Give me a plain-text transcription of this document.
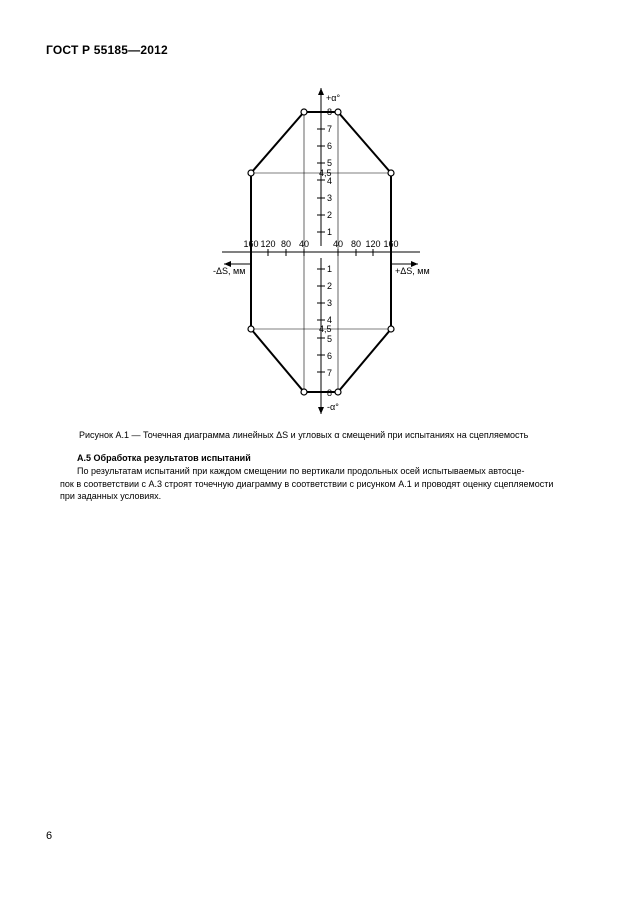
ГОСТ Р 55185—2012
8
7
6
5
4,5
4
3
2
1
1
2
3
4
4,5
5
6
7
8
160 120 80 40	40 80 120 160
+α°
-α°
-ΔS, мм	+ΔS, мм
Рисунок А.1 — Точечная диаграмма линейных ΔS и угловых α смещений при испытаниях на сцепляемость
А.5 Обработка результатов испытаний

По результатам испытаний при каждом смещении по вертикали продольных осей испытываемых автосце-

пок в соответствии с А.3 строят точечную диаграмму в соответствии с рисунком А.1 и проводят оценку сцепляемости

при заданных условиях.

6
